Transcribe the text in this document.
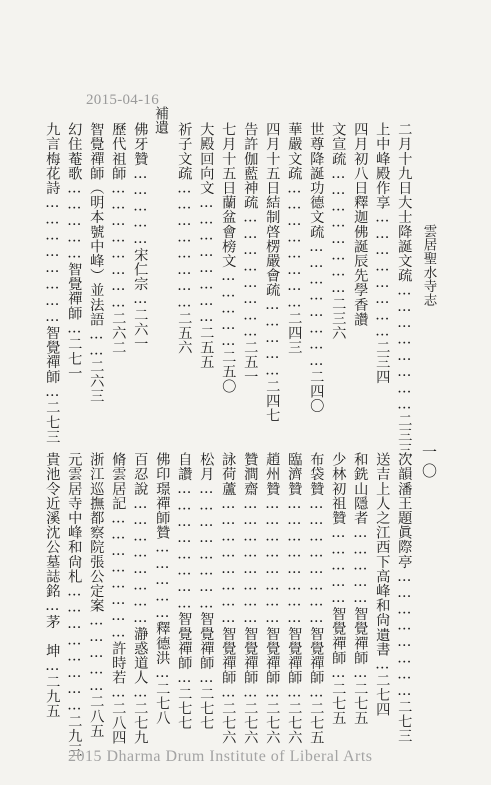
雲居聖水寺志
一〇
2015-04-16
二月十九日大士降誕文疏……………………二三三
上中峰殿作享……………………二三四
四月初八日釋迦佛誕辰先學香讚
文宣疏……………………二三六
世尊降誕功德文疏……………………二四〇
華嚴文疏……………………二四三
四月十五日結制啓楞嚴會疏……………二四七
告許伽藍神疏……………………二五一
七月十五日蘭盆會榜文……………二五〇
大殿回向文……………………二五五
祈子文疏……………………二五六
補遺
佛牙贊……………宋仁宗…二六一
歷代祖師……………………二六二
智覺禪師（明本號中峰）並法語……二六三
幻住菴歌……………智覺禪師…二七一
九言梅花詩……………………智覺禪師…二七三
次韻潘王題眞際亭……………………二七三
送吉上人之江西下高峰和尙遺書…二七四
和銑山隱者……………智覺禪師…二七五
少林初祖贊……………智覺禪師…二七五
布袋贊……………………智覺禪師…二七五
臨濟贊……………………智覺禪師…二七六
趙州贊……………………智覺禪師…二七六
贊澗齋……………………智覺禪師…二七六
詠荷蘆……………………智覺禪師…二七六
松月……………………智覺禪師…二七七
自讚……………………智覺禪師…二七七
佛印璟禪師贊……………釋德洪…二七八
百忍說……………………瀞惑道人…二七九
脩雲居記……………………許時若…二八四
浙江巡撫都察院張公定案……………二八五
元雲居寺中峰和尙札……………………二九三
貴池令近溪沈公墓誌銘…茅　坤…二九五
2015 Dharma Drum Institute of Liberal Arts
